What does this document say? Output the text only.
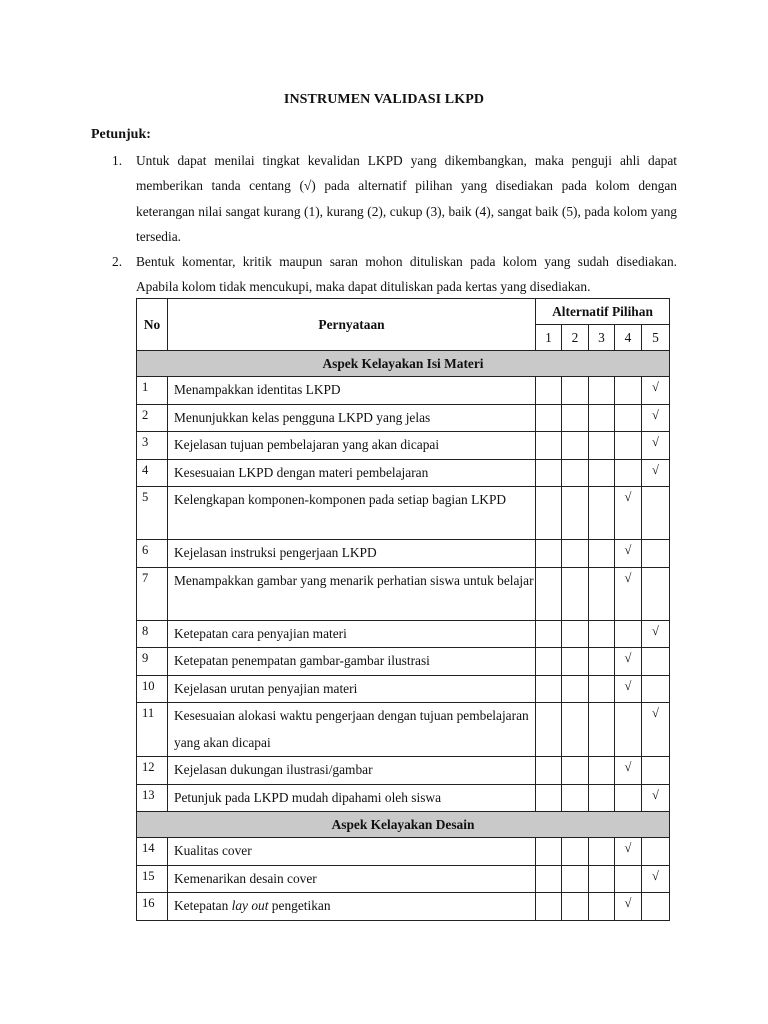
INSTRUMEN VALIDASI LKPD
Petunjuk:
1. Untuk dapat menilai tingkat kevalidan LKPD yang dikembangkan, maka penguji ahli dapat memberikan tanda centang (√) pada alternatif pilihan yang disediakan pada kolom dengan keterangan nilai sangat kurang (1), kurang (2), cukup (3), baik (4), sangat baik (5), pada kolom yang tersedia.
2. Bentuk komentar, kritik maupun saran mohon dituliskan pada kolom yang sudah disediakan. Apabila kolom tidak mencukupi, maka dapat dituliskan pada kertas yang disediakan.
No	Pernyataan	Alternatif Pilihan				
		1	2	3	4	5
Aspek Kelayakan Isi Materi						
1	Menampakkan identitas LKPD					√
2	Menunjukkan kelas pengguna LKPD yang jelas					√
3	Kejelasan tujuan pembelajaran yang akan dicapai					√
4	Kesesuaian LKPD dengan materi pembelajaran					√
5	Kelengkapan komponen-komponen pada setiap bagian LKPD				√	
6	Kejelasan instruksi pengerjaan LKPD				√	
7	Menampakkan gambar yang menarik perhatian siswa untuk belajar				√	
8	Ketepatan cara penyajian materi					√
9	Ketepatan penempatan gambar-gambar ilustrasi				√	
10	Kejelasan urutan penyajian materi				√	
11	Kesesuaian alokasi waktu pengerjaan dengan tujuan pembelajaran yang akan dicapai					√
12	Kejelasan dukungan ilustrasi/gambar				√	
13	Petunjuk pada LKPD mudah dipahami oleh siswa					√
Aspek Kelayakan Desain						
14	Kualitas cover				√	
15	Kemenarikan desain cover					√
16	Ketepatan lay out pengetikan				√	
